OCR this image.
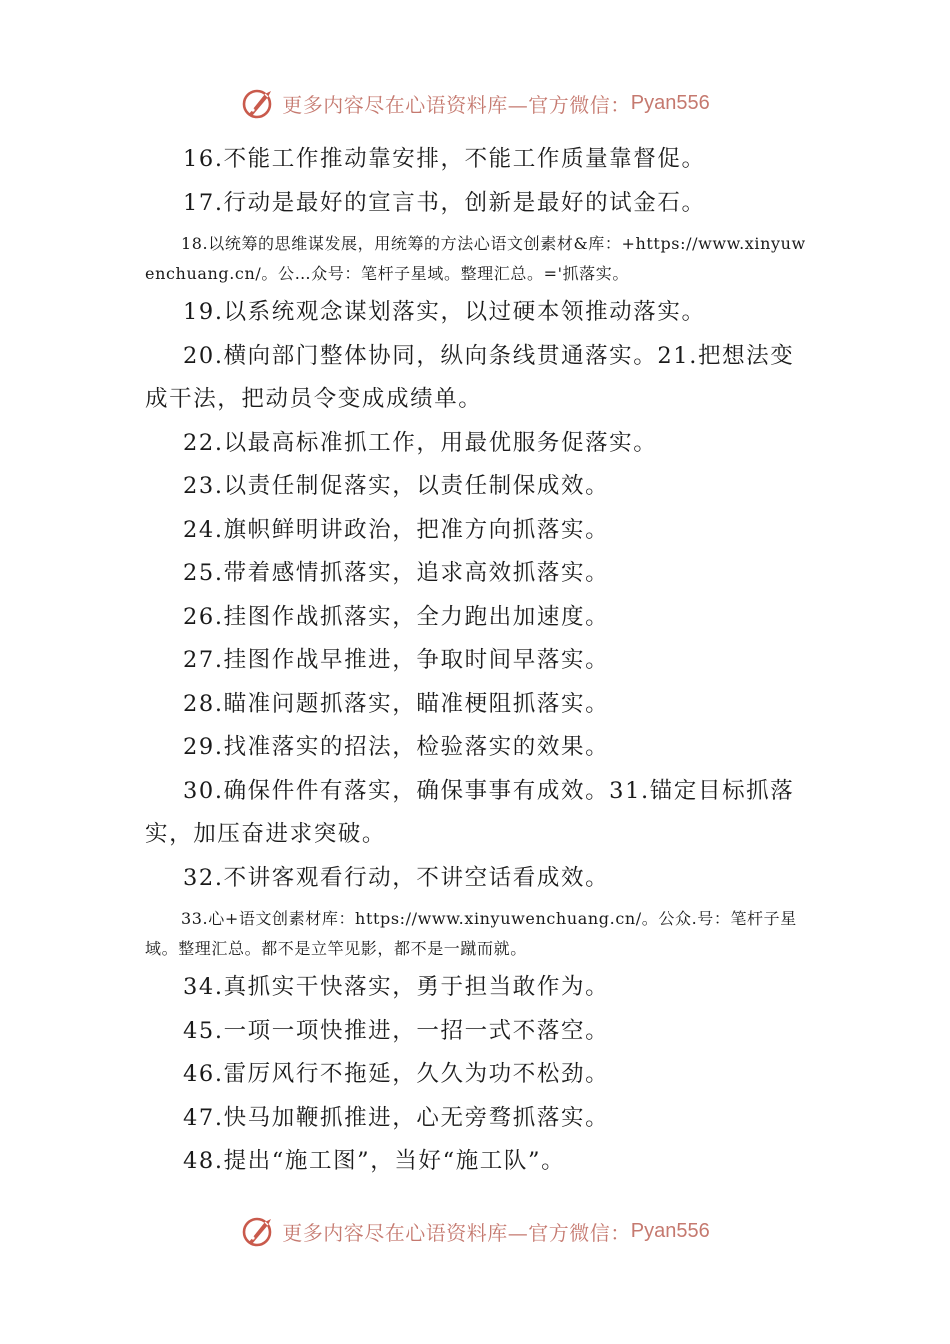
更多内容尽在心语资料库—官方微信： Pyan556

16.不能工作推动靠安排，不能工作质量靠督促。

17.行动是最好的宣言书，创新是最好的试金石。

18.以统筹的思维谋发展，用统筹的方法心语文创素材&库：+https://www.xinyuwenchuang.cn/。公…众号：笔杆子星域。整理汇总。='抓落实。

19.以系统观念谋划落实，以过硬本领推动落实。

20.横向部门整体协同，纵向条线贯通落实。21.把想法变成干法，把动员令变成成绩单。

22.以最高标准抓工作，用最优服务促落实。

23.以责任制促落实，以责任制保成效。

24.旗帜鲜明讲政治，把准方向抓落实。

25.带着感情抓落实，追求高效抓落实。

26.挂图作战抓落实，全力跑出加速度。

27.挂图作战早推进，争取时间早落实。

28.瞄准问题抓落实，瞄准梗阻抓落实。

29.找准落实的招法，检验落实的效果。

30.确保件件有落实，确保事事有成效。31.锚定目标抓落实，加压奋进求突破。

32.不讲客观看行动，不讲空话看成效。

33.心+语文创素材库：https://www.xinyuwenchuang.cn/。公众.号：笔杆子星域。整理汇总。都不是立竿见影，都不是一蹴而就。

34.真抓实干快落实，勇于担当敢作为。

45.一项一项快推进，一招一式不落空。

46.雷厉风行不拖延，久久为功不松劲。

47.快马加鞭抓推进，心无旁骛抓落实。

48.提出“施工图”，当好“施工队”。

更多内容尽在心语资料库—官方微信： Pyan556
